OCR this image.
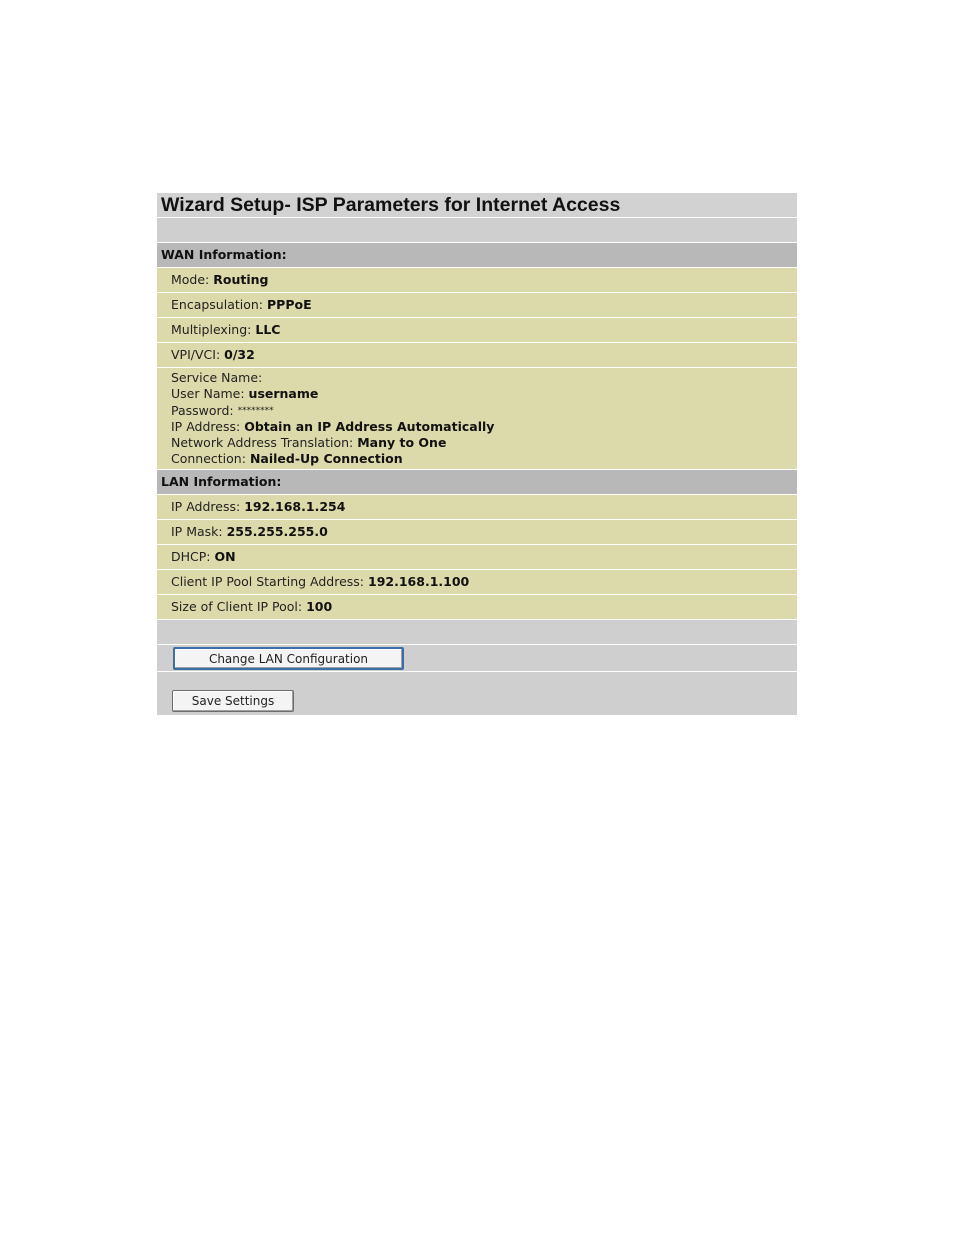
Wizard Setup- ISP Parameters for Internet Access
WAN Information:
Mode: Routing
Encapsulation: PPPoE
Multiplexing: LLC
VPI/VCI: 0/32
Service Name:
User Name: username
Password: ********
IP Address: Obtain an IP Address Automatically
Network Address Translation: Many to One
Connection: Nailed-Up Connection
LAN Information:
IP Address: 192.168.1.254
IP Mask: 255.255.255.0
DHCP: ON
Client IP Pool Starting Address: 192.168.1.100
Size of Client IP Pool: 100
Change LAN Configuration
Save Settings
